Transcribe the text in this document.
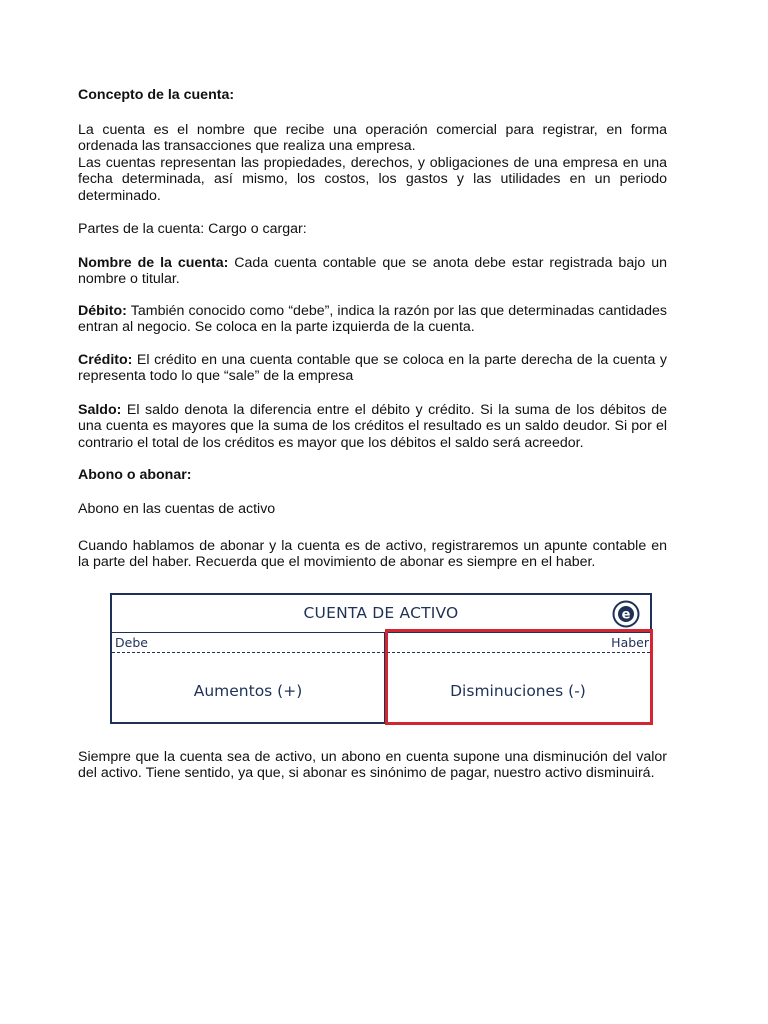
Concepto de la cuenta:

La cuenta es el nombre que recibe una operación comercial para registrar, en forma ordenada las transacciones que realiza una empresa.

Las cuentas representan las propiedades, derechos, y obligaciones de una empresa en una fecha determinada, así mismo, los costos, los gastos y las utilidades en un periodo determinado.

Partes de la cuenta: Cargo o cargar:

Nombre de la cuenta: Cada cuenta contable que se anota debe estar registrada bajo un nombre o titular.

Débito: También conocido como “debe”, indica la razón por las que determinadas cantidades entran al negocio. Se coloca en la parte izquierda de la cuenta.

Crédito: El crédito en una cuenta contable que se coloca en la parte derecha de la cuenta y representa todo lo que “sale” de la empresa

Saldo: El saldo denota la diferencia entre el débito y crédito. Si la suma de los débitos de una cuenta es mayores que la suma de los créditos el resultado es un saldo deudor. Si por el contrario el total de los créditos es mayor que los débitos el saldo será acreedor.

Abono o abonar:

Abono en las cuentas de activo

Cuando hablamos de abonar y la cuenta es de activo, registraremos un apunte contable en la parte del haber. Recuerda que el movimiento de abonar es siempre en el haber.

CUENTA DE ACTIVO	e
Debe	Haber
Aumentos (+)	Disminuciones (-)

Siempre que la cuenta sea de activo, un abono en cuenta supone una disminución del valor del activo. Tiene sentido, ya que, si abonar es sinónimo de pagar, nuestro activo disminuirá.
